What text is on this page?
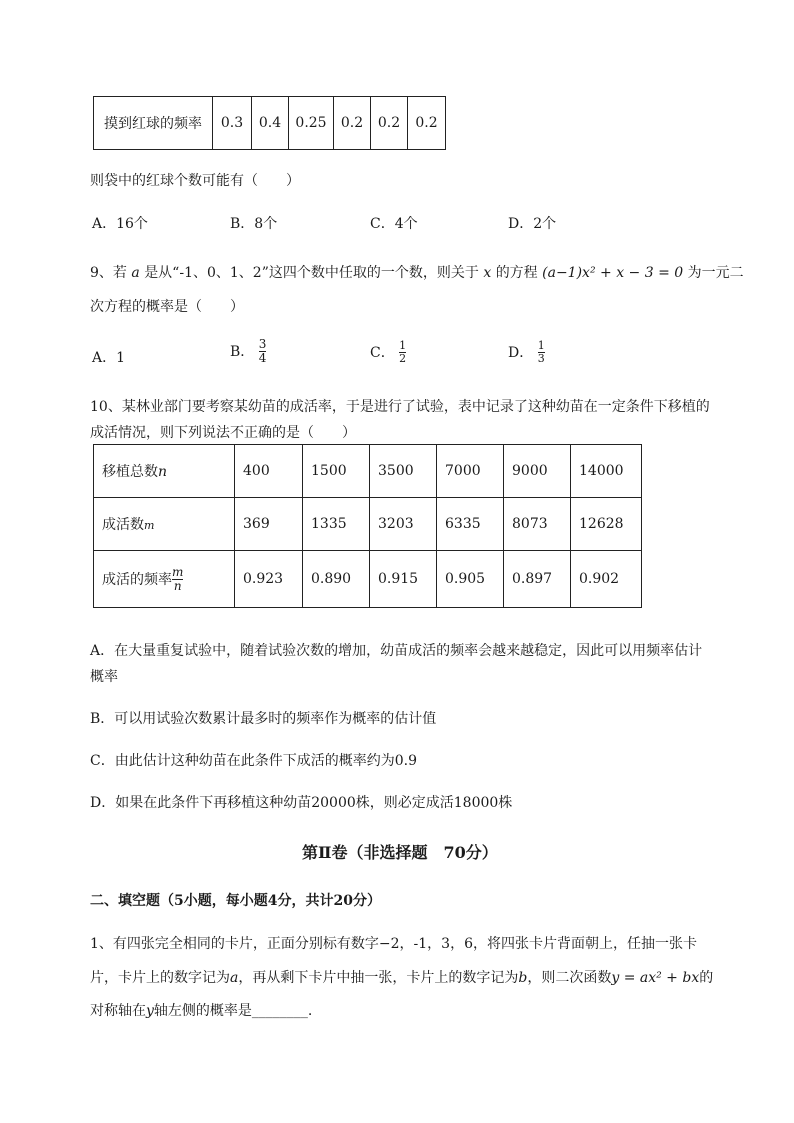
摸到红球的频率	0.3	0.4	0.25	0.2	0.2	0.2
则袋中的红球个数可能有（　　）
A．16个	B．8个	C．4个	D．2个
9、若 a 是从“-1、0、1、2”这四个数中任取的一个数，则关于 x 的方程 (a−1)x² + x − 3 = 0 为一元二
次方程的概率是（　　）
A．1	B． $\frac{3}{4}$	C． $\frac{1}{2}$	D． $\frac{1}{3}$
10、某林业部门要考察某幼苗的成活率，于是进行了试验，表中记录了这种幼苗在一定条件下移植的
成活情况，则下列说法不正确的是（　　）
移植总数n	400	1500	3500	7000	9000	14000
成活数m	369	1335	3203	6335	8073	12628
成活的频率 $\frac{m}{n}$	0.923	0.890	0.915	0.905	0.897	0.902
A．在大量重复试验中，随着试验次数的增加，幼苗成活的频率会越来越稳定，因此可以用频率估计
概率
B．可以用试验次数累计最多时的频率作为概率的估计值
C．由此估计这种幼苗在此条件下成活的概率约为0.9
D．如果在此条件下再移植这种幼苗20000株，则必定成活18000株
第Ⅱ卷（非选择题　70分）
二、填空题（5小题，每小题4分，共计20分）
1、有四张完全相同的卡片，正面分别标有数字−2，-1，3，6，将四张卡片背面朝上，任抽一张卡
片，卡片上的数字记为a，再从剩下卡片中抽一张，卡片上的数字记为b，则二次函数y = ax² + bx的
对称轴在y轴左侧的概率是________.
